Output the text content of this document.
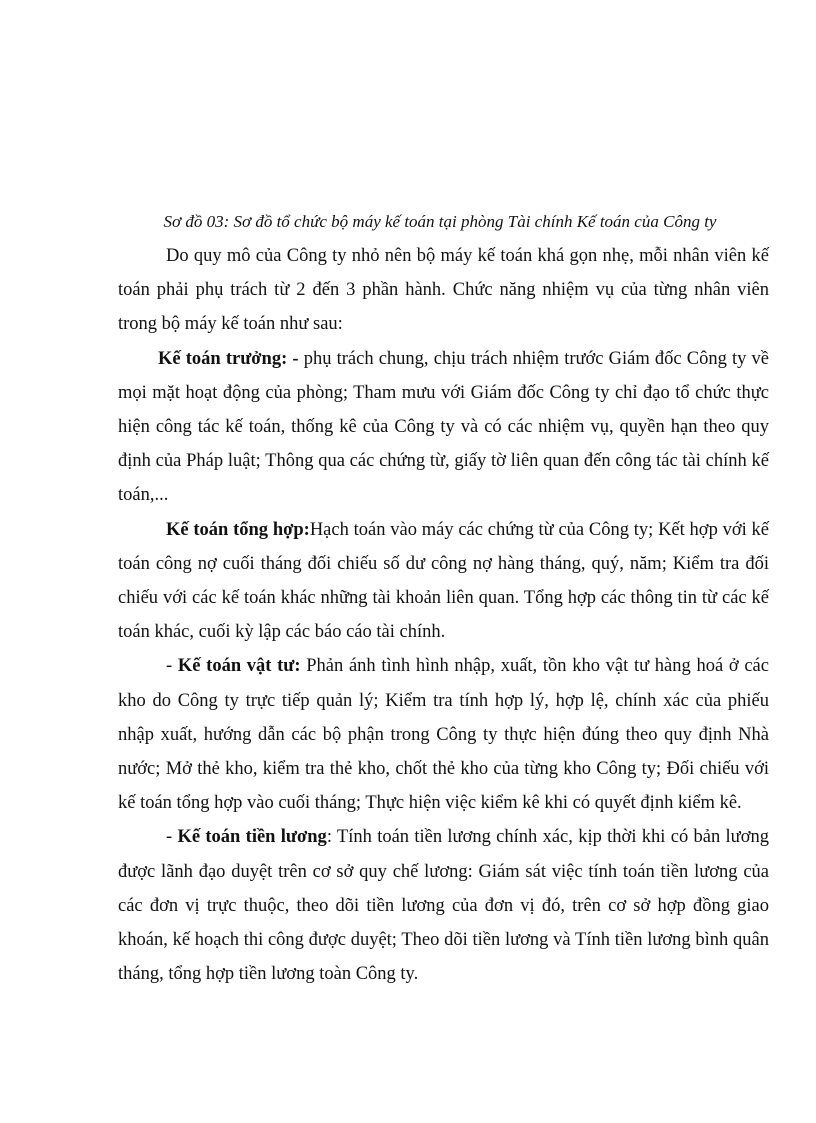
Sơ đồ 03: Sơ đồ tổ chức bộ máy kế toán tại phòng Tài chính Kế toán của Công ty

Do quy mô của Công ty nhỏ nên bộ máy kế toán khá gọn nhẹ, mỗi nhân viên kế toán phải phụ trách từ 2 đến 3 phần hành. Chức năng nhiệm vụ của từng nhân viên trong bộ máy kế toán như sau:

Kế toán trưởng: - phụ trách chung, chịu trách nhiệm trước Giám đốc Công ty về mọi mặt hoạt động của phòng; Tham mưu với Giám đốc Công ty chỉ đạo tổ chức thực hiện công tác kế toán, thống kê của Công ty và có các nhiệm vụ, quyền hạn theo quy định của Pháp luật; Thông qua các chứng từ, giấy tờ liên quan đến công tác tài chính kế toán,...

Kế toán tổng hợp:Hạch toán vào máy các chứng từ của Công ty; Kết hợp với kế toán công nợ cuối tháng đối chiếu số dư công nợ hàng tháng, quý, năm; Kiểm tra đối chiếu với các kế toán khác những tài khoản liên quan. Tổng hợp các thông tin từ các kế toán khác, cuối kỳ lập các báo cáo tài chính.

- Kế toán vật tư: Phản ánh tình hình nhập, xuất, tồn kho vật tư hàng hoá ở các kho do Công ty trực tiếp quản lý; Kiểm tra tính hợp lý, hợp lệ, chính xác của phiếu nhập xuất, hướng dẫn các bộ phận trong Công ty thực hiện đúng theo quy định Nhà nước; Mở thẻ kho, kiểm tra thẻ kho, chốt thẻ kho của từng kho Công ty; Đối chiếu với kế toán tổng hợp vào cuối tháng; Thực hiện việc kiểm kê khi có quyết định kiểm kê.

- Kế toán tiền lương: Tính toán tiền lương chính xác, kịp thời khi có bản lương được lãnh đạo duyệt trên cơ sở quy chế lương: Giám sát việc tính toán tiền lương của các đơn vị trực thuộc, theo dõi tiền lương của đơn vị đó, trên cơ sở hợp đồng giao khoán, kế hoạch thi công được duyệt; Theo dõi tiền lương và Tính tiền lương bình quân tháng, tổng hợp tiền lương toàn Công ty.
